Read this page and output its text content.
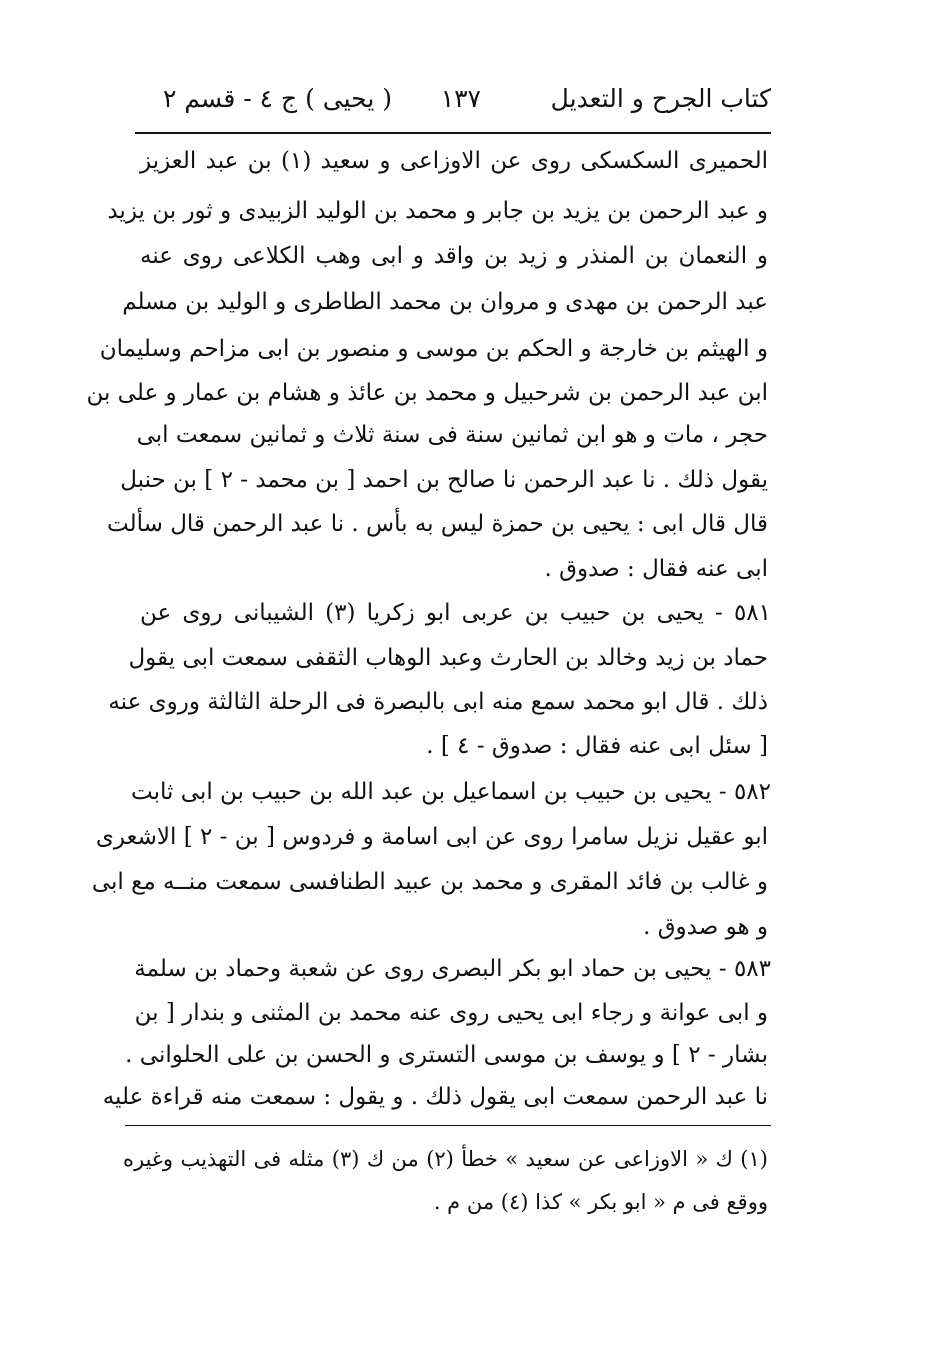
كتاب الجرح و التعديل
١٣٧
( يحيى ) ج ٤ - قسم ٢
الحميرى السكسكى روى عن الاوزاعى و سعيد (١) بن عبد العزيز
و عبد الرحمن بن يزيد بن جابر و محمد بن الوليد الزبيدى و ثور بن يزيد
و النعمان بن المنذر و زيد بن واقد و ابى وهب الكلاعى روى عنه
عبد الرحمن بن مهدى و مروان بن محمد الطاطرى و الوليد بن مسلم
و الهيثم بن خارجة و الحكم بن موسى و منصور بن ابى مزاحم وسليمان
ابن عبد الرحمن بن شرحبيل و محمد بن عائذ و هشام بن عمار و على بن
حجر ، مات و هو ابن ثمانين سنة فى سنة ثلاث و ثمانين سمعت ابى
يقول ذلك . نا عبد الرحمن نا صالح بن احمد [ بن محمد - ٢ ] بن حنبل
قال قال ابى : يحيى بن حمزة ليس به بأس . نا عبد الرحمن قال سألت
ابى عنه فقال : صدوق .
٥٨١ - يحيى بن حبيب بن عربى ابو زكريا (٣) الشيبانى روى عن
حماد بن زيد وخالد بن الحارث وعبد الوهاب الثقفى سمعت ابى يقول
ذلك . قال ابو محمد سمع منه ابى بالبصرة فى الرحلة الثالثة وروى عنه
[ سئل ابى عنه فقال : صدوق - ٤ ] .
٥٨٢ - يحيى بن حبيب بن اسماعيل بن عبد الله بن حبيب بن ابى ثابت
ابو عقيل نزيل سامرا روى عن ابى اسامة و فردوس [ بن - ٢ ] الاشعرى
و غالب بن فائد المقرى و محمد بن عبيد الطنافسى سمعت منــه مع ابى
و هو صدوق .
٥٨٣ - يحيى بن حماد ابو بكر البصرى روى عن شعبة وحماد بن سلمة
و ابى عوانة و رجاء ابى يحيى روى عنه محمد بن المثنى و بندار [ بن
بشار - ٢ ] و يوسف بن موسى التسترى و الحسن بن على الحلوانى .
نا عبد الرحمن سمعت ابى يقول ذلك . و يقول : سمعت منه قراءة عليه
(١) ك « الاوزاعى عن سعيد » خطأ (٢) من ك (٣) مثله فى التهذيب وغيره
ووقع فى م « ابو بكر » كذا (٤) من م .
